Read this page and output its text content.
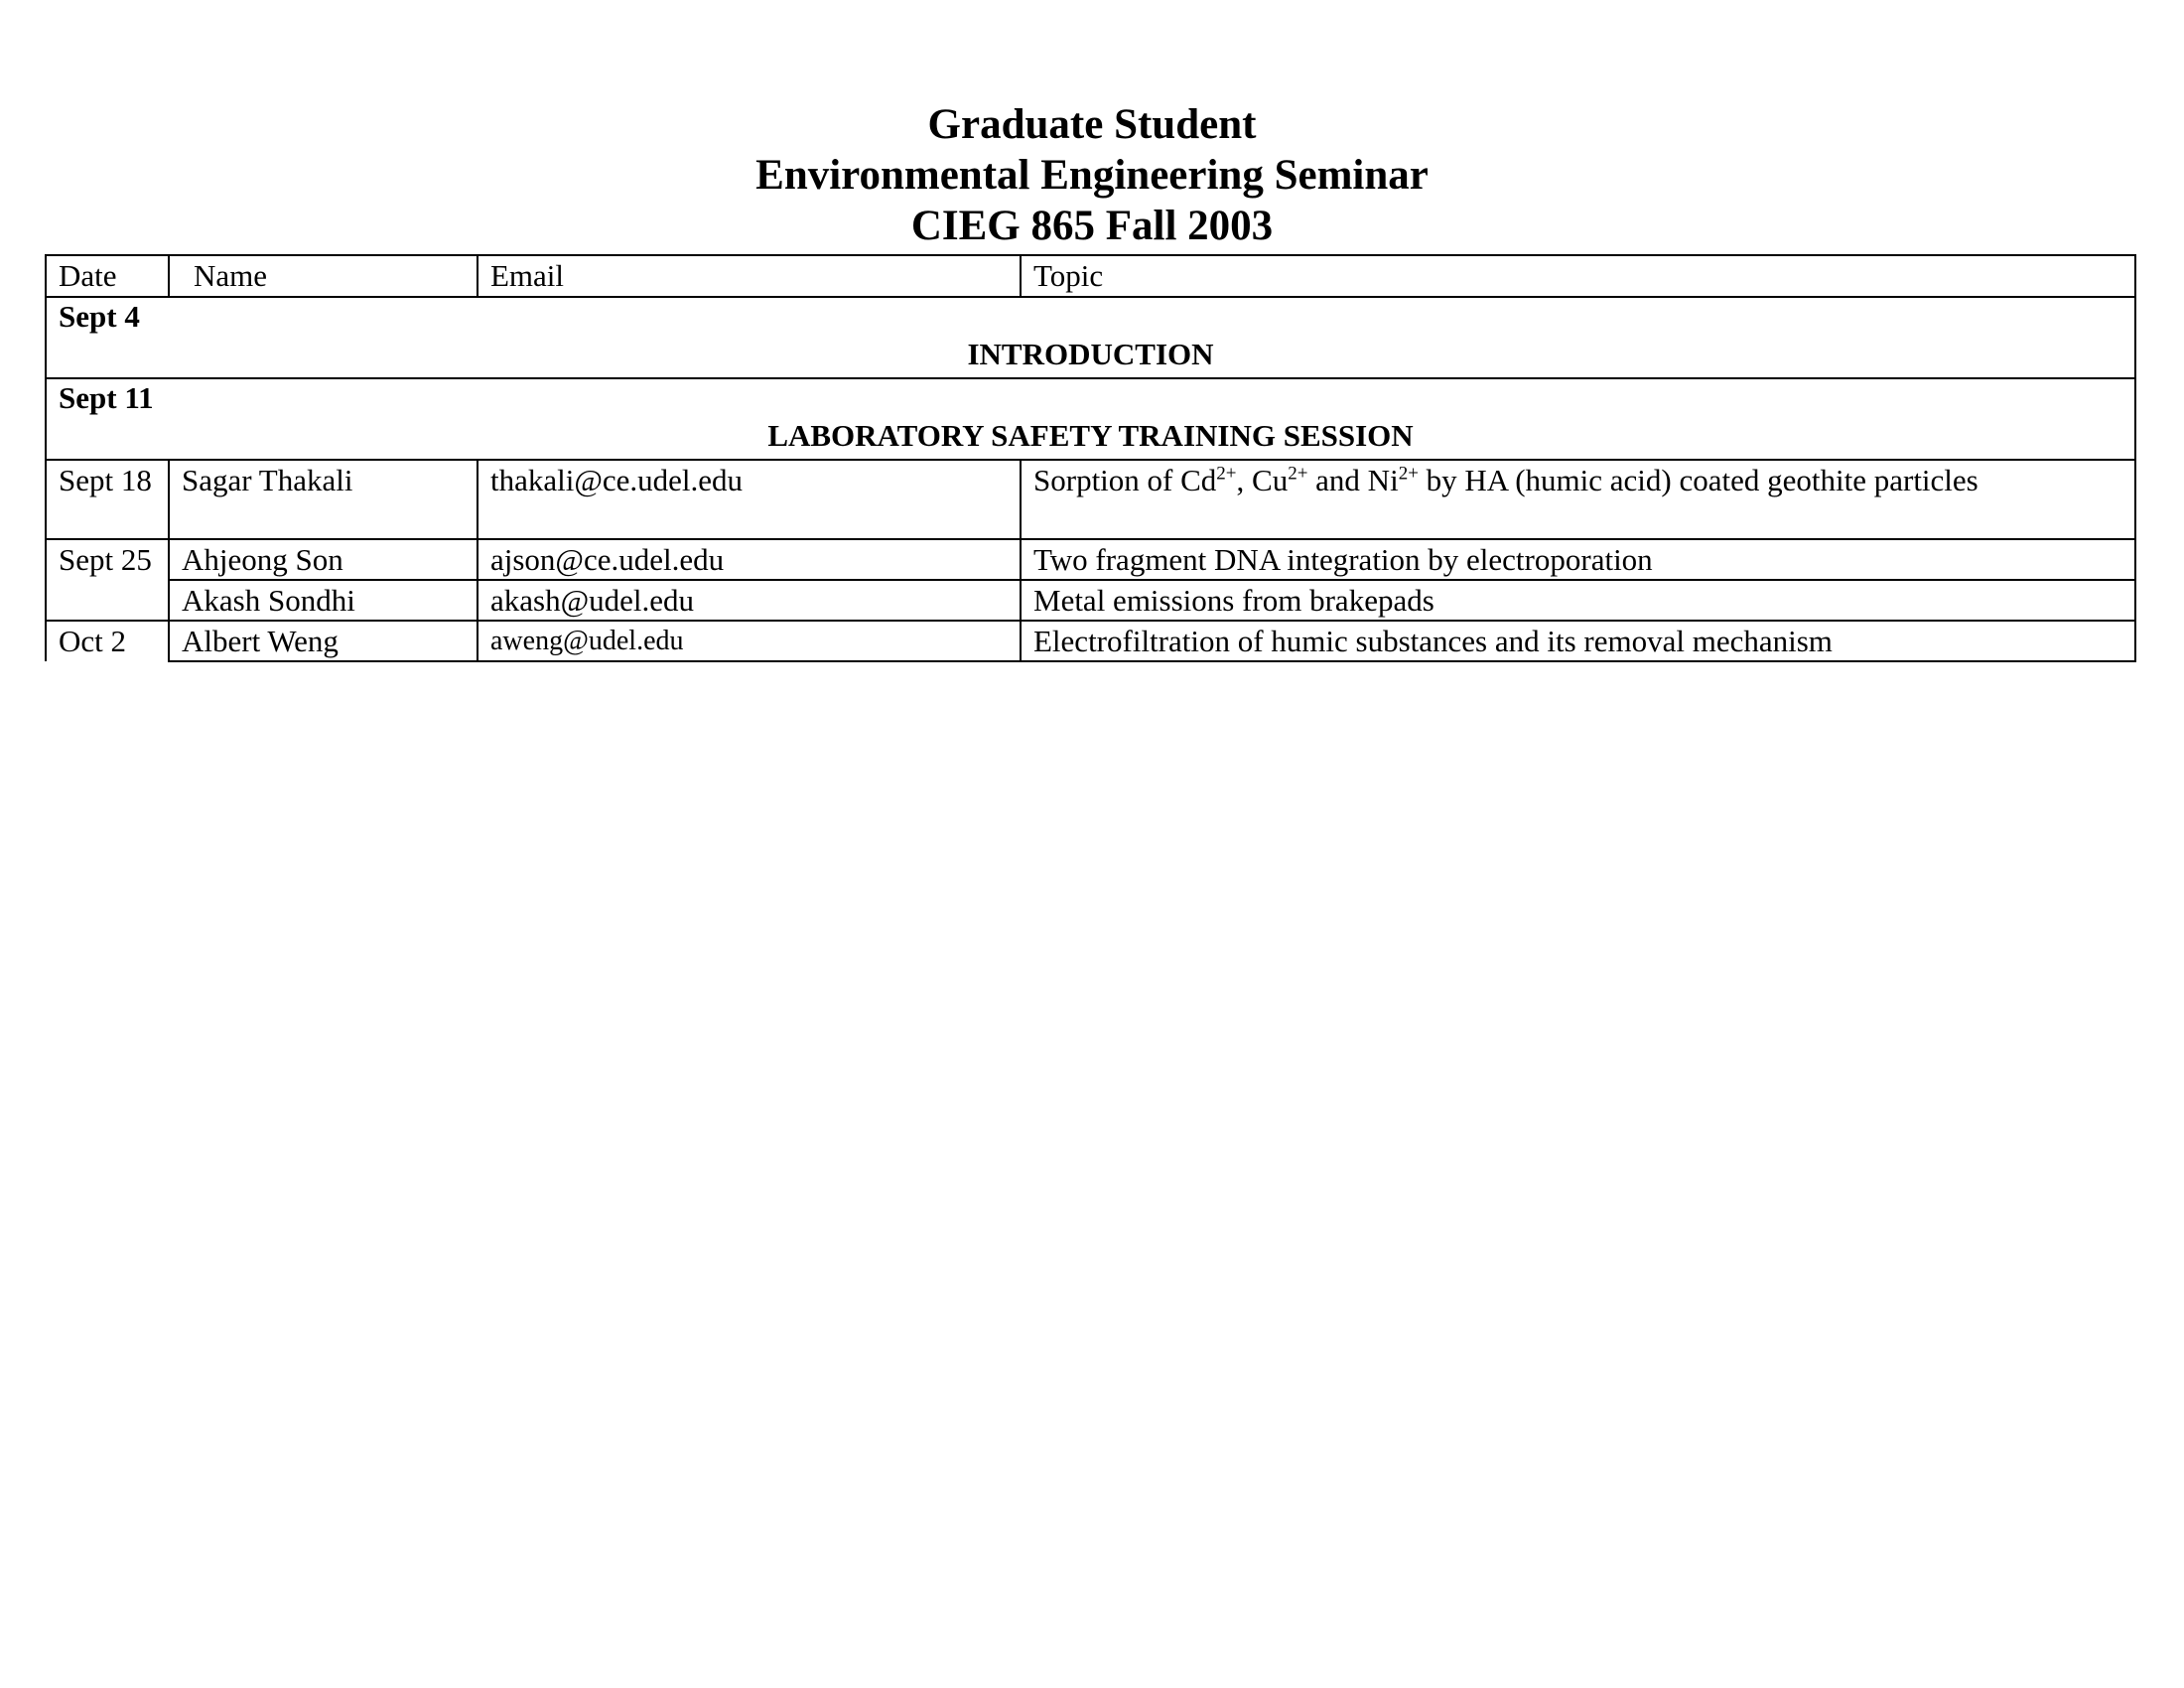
Graduate Student
Environmental Engineering Seminar
CIEG 865 Fall 2003
Date	Name	Email	Topic

Sept 4
INTRODUCTION			

Sept 11
LABORATORY SAFETY TRAINING SESSION			

Sept 18	Sagar Thakali	thakali@ce.udel.edu	Sorption of $Cd^{2+}$, $Cu^{2+}$ and $Ni^{2+}$ by HA (humic acid) coated geothite particles
Sept 25	Ahjeong Son	ajson@ce.udel.edu	Two fragment DNA integration by electroporation
	Akash Sondhi	akash@udel.edu	Metal emissions from brakepads
Oct 2	Albert Weng	aweng@udel.edu	Electrofiltration of humic substances and its removal mechanism
